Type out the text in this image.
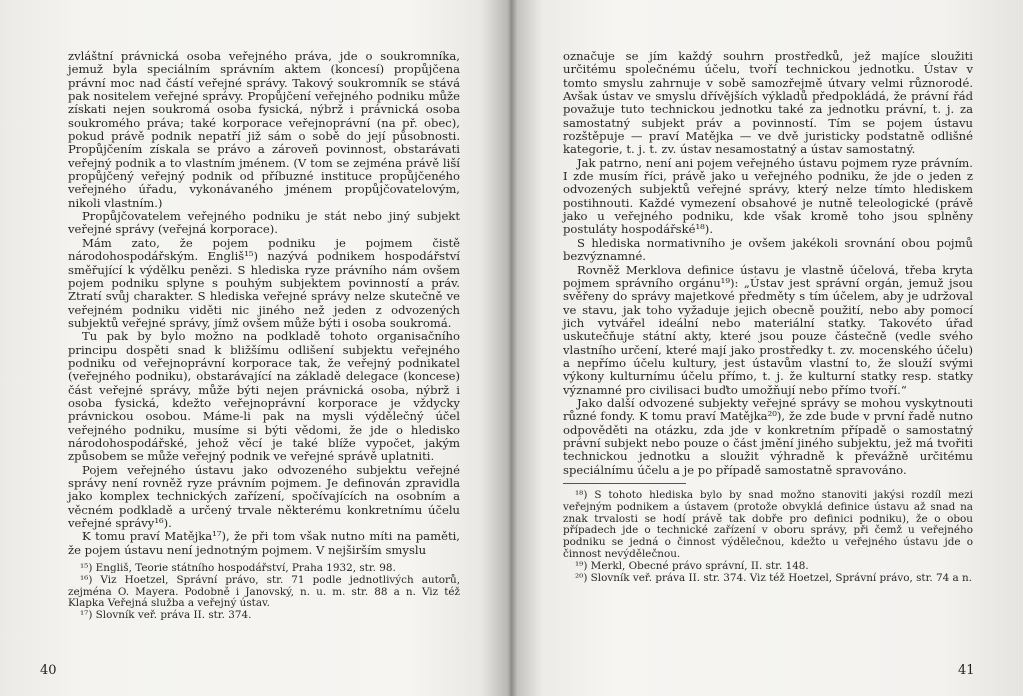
zvláštní právnická osoba veřejného práva, jde o soukromníka, jemuž byla speciálním správním aktem (koncesí) propůjčena právní moc nad částí veřejné správy. Takový soukromník se stává pak nositelem veřejné správy. Propůjčení veřejného podniku může získati nejen soukromá osoba fysická, nýbrž i právnická osoba soukromého práva; také korporace veřejnoprávní (na př. obec), pokud právě podnik nepatří již sám o sobě do její působnosti. Propůjčením získala se právo a zároveň povinnost, obstarávati veřejný podnik a to vlastním jménem. (V tom se zejména právě liší propůjčený veřejný podnik od příbuzné instituce propůjčeného veřejného úřadu, vykonávaného jménem propůjčovatelovým, nikoli vlastním.)

Propůjčovatelem veřejného podniku je stát nebo jiný subjekt veřejné správy (veřejná korporace).

Mám zato, že pojem podniku je pojmem čistě národohospodářským. Engliš¹⁵) nazývá podnikem hospodářství směřující k výdělku penězi. S hlediska ryze právního nám ovšem pojem podniku splyne s pouhým subjektem povinností a práv. Ztratí svůj charakter. S hlediska veřejné správy nelze skutečně ve veřejném podniku viděti nic jiného než jeden z odvozených subjektů veřejné správy, jímž ovšem může býti i osoba soukromá.

Tu pak by bylo možno na podkladě tohoto organisačního principu dospěti snad k bližšímu odlišení subjektu veřejného podniku od veřejnoprávní korporace tak, že veřejný podnikatel (veřejného podniku), obstarávající na základě delegace (koncese) část veřejné správy, může býti nejen právnická osoba, nýbrž i osoba fysická, kdežto veřejnoprávní korporace je vždycky právnickou osobou. Máme-li pak na mysli výdělečný účel veřejného podniku, musíme si býti vědomi, že jde o hledisko národohospodářské, jehož věcí je také blíže vypočet, jakým způsobem se může veřejný podnik ve veřejné správě uplatniti.

Pojem veřejného ústavu jako odvozeného subjektu veřejné správy není rovněž ryze právním pojmem. Je definován zpravidla jako komplex technických zařízení, spočívajících na osobním a věcném podkladě a určený trvale některému konkretnímu účelu veřejné správy¹⁶).

K tomu praví Matějka¹⁷), že při tom však nutno míti na paměti, že pojem ústavu není jednotným pojmem. V nejširším smyslu

¹⁵) Engliš, Teorie státního hospodářství, Praha 1932, str. 98.

¹⁶) Viz Hoetzel, Správní právo, str. 71 podle jednotlivých autorů, zejména O. Mayera. Podobně i Janovský, n. u. m. str. 88 a n. Viz též Klapka Veřejná služba a veřejný ústav.

¹⁷) Slovník veř. práva II. str. 374.

označuje se jím každý souhrn prostředků, jež majíce sloužiti určitému společnému účelu, tvoří technickou jednotku. Ústav v tomto smyslu zahrnuje v sobě samozřejmě útvary velmi různorodé. Avšak ústav ve smyslu dřívějších výkladů předpokládá, že právní řád považuje tuto technickou jednotku také za jednotku právní, t. j. za samostatný subjekt práv a povinností. Tím se pojem ústavu rozštěpuje — praví Matějka — ve dvě juristicky podstatně odlišné kategorie, t. j. t. zv. ústav nesamostatný a ústav samostatný.

Jak patrno, není ani pojem veřejného ústavu pojmem ryze právním. I zde musím říci, právě jako u veřejného podniku, že jde o jeden z odvozených subjektů veřejné správy, který nelze tímto hlediskem postihnouti. Každé vymezení obsahové je nutně teleologické (právě jako u veřejného podniku, kde však kromě toho jsou splněny postuláty hospodářské¹⁸).

S hlediska normativního je ovšem jakékoli srovnání obou pojmů bezvýznamné.

Rovněž Merklova definice ústavu je vlastně účelová, třeba kryta pojmem správního orgánu¹⁹): „Ústav jest správní orgán, jemuž jsou svěřeny do správy majetkové předměty s tím účelem, aby je udržoval ve stavu, jak toho vyžaduje jejich obecně použití, nebo aby pomocí jich vytvářel ideální nebo materiální statky. Takovéto úřad uskutečňuje státní akty, které jsou pouze částečně (vedle svého vlastního určení, které mají jako prostředky t. zv. mocenského účelu) a nepřímo účelu kultury, jest ústavům vlastní to, že slouží svými výkony kulturnímu účelu přímo, t. j. že kulturní statky resp. statky významné pro civilisaci buďto umožňují nebo přímo tvoří.“

Jako další odvozené subjekty veřejné správy se mohou vyskytnouti různé fondy. K tomu praví Matějka²⁰), že zde bude v první řadě nutno odpověděti na otázku, zda jde v konkretním případě o samostatný právní subjekt nebo pouze o část jmění jiného subjektu, jež má tvořiti technickou jednotku a sloužit výhradně k převážně určitému speciálnímu účelu a je po případě samostatně spravováno.

¹⁸) S tohoto hlediska bylo by snad možno stanoviti jakýsi rozdíl mezi veřejným podnikem a ústavem (protože obvyklá definice ústavu až snad na znak trvalosti se hodí právě tak dobře pro definici podniku), že o obou případech jde o technické zařízení v oboru správy, při čemž u veřejného podniku se jedná o činnost výdělečnou, kdežto u veřejného ústavu jde o činnost nevýdělečnou.

¹⁹) Merkl, Obecné právo správní, II. str. 148.

²⁰) Slovník veř. práva II. str. 374. Viz též Hoetzel, Správní právo, str. 74 a n.

40	41
